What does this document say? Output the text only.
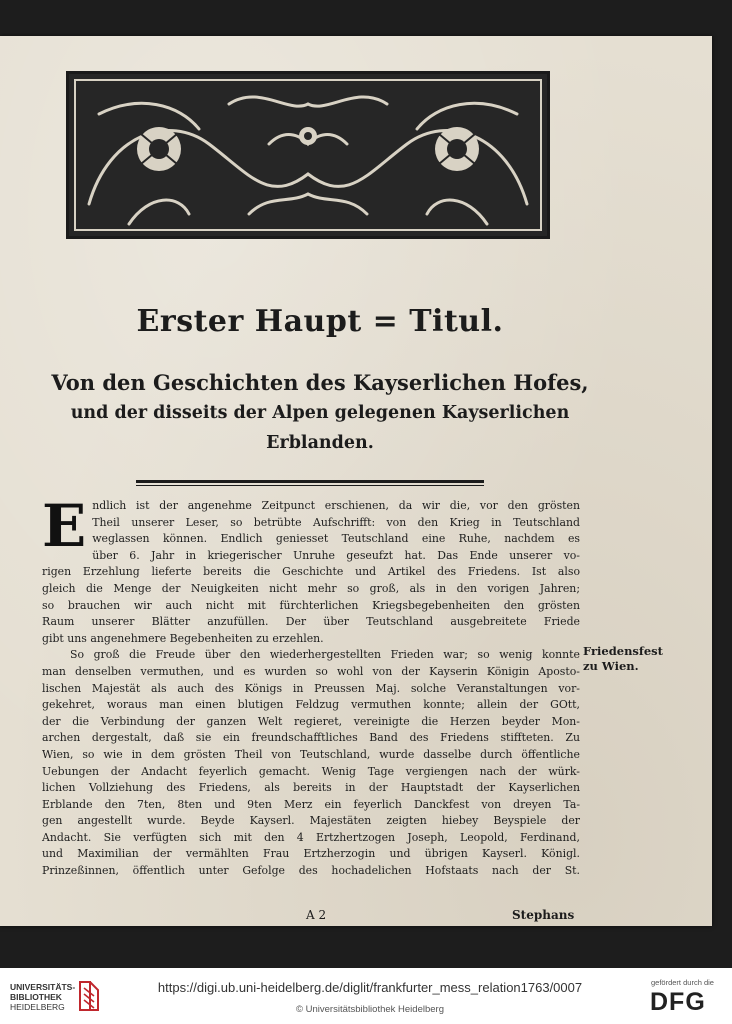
Erster Haupt = Titul.
Von den Geschichten des Kayserlichen Hofes,
und der disseits der Alpen gelegenen Kayserlichen
Erblanden.
E ndlich ist der angenehme Zeitpunct erschienen, da wir die, vor den grösten
Theil unserer Leser, so betrübte Aufschrifft: von den Krieg in Teutschland
weglassen können. Endlich geniesset Teutschland eine Ruhe, nachdem es
über 6. Jahr in kriegerischer Unruhe geseufzt hat. Das Ende unserer vo-
rigen Erzehlung lieferte bereits die Geschichte und Artikel des Friedens. Ist also
gleich die Menge der Neuigkeiten nicht mehr so groß, als in den vorigen Jahren;
so brauchen wir auch nicht mit fürchterlichen Kriegsbegebenheiten den grösten
Raum unserer Blätter anzufüllen. Der über Teutschland ausgebreitete Friede
gibt uns angenehmere Begebenheiten zu erzehlen.
So groß die Freude über den wiederhergestellten Frieden war; so wenig konnte
man denselben vermuthen, und es wurden so wohl von der Kayserin Königin Aposto-
lischen Majestät als auch des Königs in Preussen Maj. solche Veranstaltungen vor-
gekehret, woraus man einen blutigen Feldzug vermuthen konnte; allein der GOtt,
der die Verbindung der ganzen Welt regieret, vereinigte die Herzen beyder Mon-
archen dergestalt, daß sie ein freundschafftliches Band des Friedens stiffteten. Zu
Wien, so wie in dem grösten Theil von Teutschland, wurde dasselbe durch öffentliche
Uebungen der Andacht feyerlich gemacht. Wenig Tage vergiengen nach der würk-
lichen Vollziehung des Friedens, als bereits in der Hauptstadt der Kayserlichen
Erblande den 7ten, 8ten und 9ten Merz ein feyerlich Danckfest von dreyen Ta-
gen angestellt wurde. Beyde Kayserl. Majestäten zeigten hiebey Beyspiele der
Andacht. Sie verfügten sich mit den 4 Ertzhertzogen Joseph, Leopold, Ferdinand,
und Maximilian der vermählten Frau Ertzherzogin und übrigen Kayserl. Königl.
Prinzeßinnen, öffentlich unter Gefolge des hochadelichen Hofstaats nach der St.
Friedensfest
zu Wien.
A 2	Stephans
UNIVERSITÄTS-
BIBLIOTHEK
HEIDELBERG
https://digi.ub.uni-heidelberg.de/diglit/frankfurter_mess_relation1763/0007
© Universitätsbibliothek Heidelberg
gefördert durch die
DFG
